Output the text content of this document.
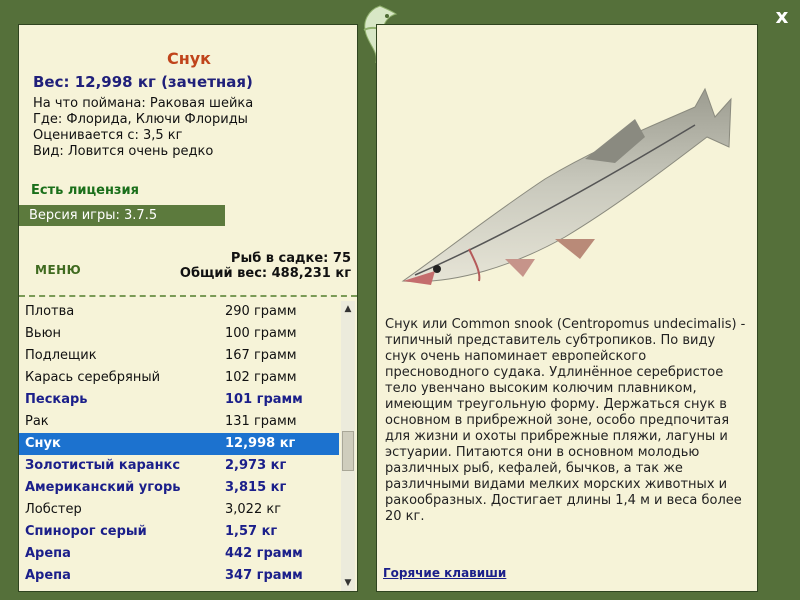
x
Снук
Вес: 12,998 кг (зачетная)
На что поймана: Раковая шейка
Где: Флорида, Ключи Флориды
Оценивается с: 3,5 кг
Вид: Ловится очень редко
Есть лицензия
Версия игры: 3.7.5
МЕНЮ
Рыб в садке: 75
Общий вес: 488,231 кг
Плотва	290 грамм
Вьюн	100 грамм
Подлещик	167 грамм
Карась серебряный	102 грамм
Пескарь	101 грамм
Рак	131 грамм
Снук	12,998 кг
Золотистый каранкс	2,973 кг
Американский угорь	3,815 кг
Лобстер	3,022 кг
Спинорог серый	1,57 кг
Арепа	442 грамм
Арепа	347 грамм
▲
▼
Снук или Common snook (Centropomus undecimalis) - типичный представитель субтропиков. По виду снук очень напоминает европейского пресноводного судака. Удлинённое серебристое тело увенчано высоким колючим плавником, имеющим треугольную форму. Держаться снук в основном в прибрежной зоне, особо предпочитая для жизни и охоты прибрежные пляжи, лагуны и эстуарии. Питаются они в основном молодью различных рыб, кефалей, бычков, а так же различными видами мелких морских животных и ракообразных. Достигает длины 1,4 м и веса более 20 кг.
Горячие клавиши
